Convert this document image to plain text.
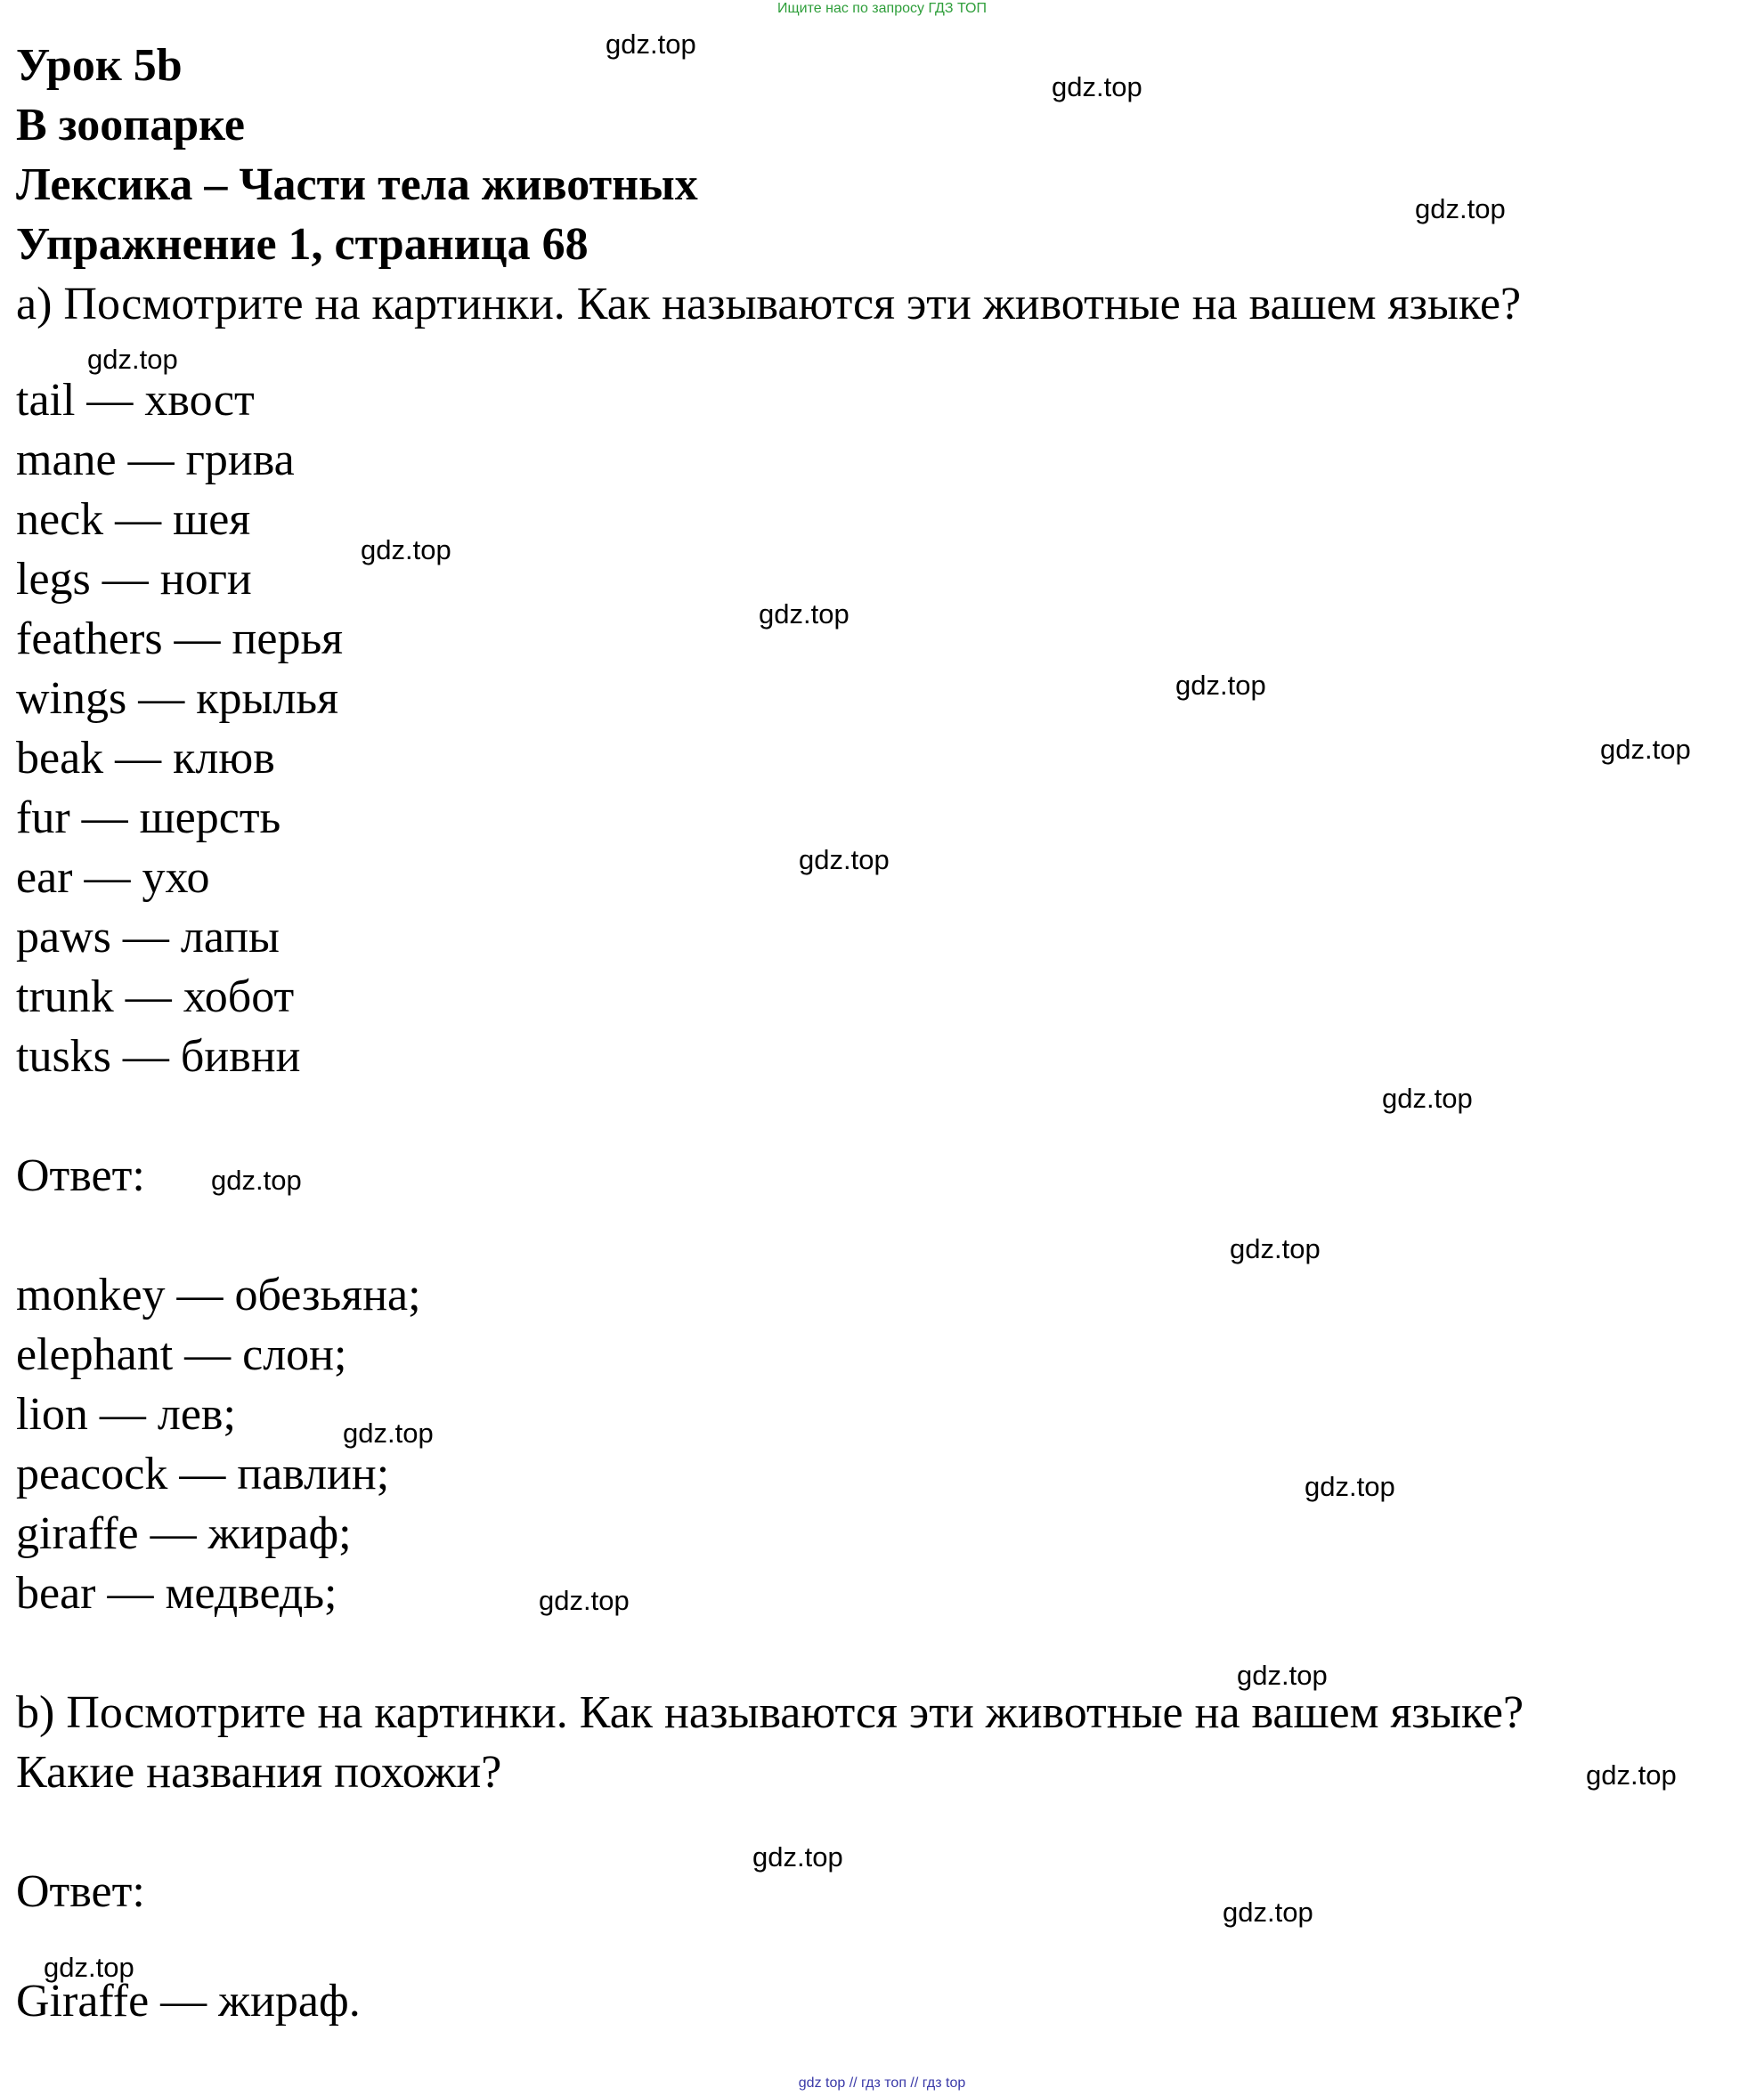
Ищите нас по запросу ГДЗ ТОП
Урок 5b
В зоопарке
Лексика – Части тела животных
Упражнение 1, страница 68
a) Посмотрите на картинки. Как называются эти животные на вашем языке?
tail — хвост
mane — грива
neck — шея
legs — ноги
feathers — перья
wings — крылья
beak — клюв
fur — шерсть
ear — ухо
paws — лапы
trunk — хобот
tusks — бивни
Ответ:
monkey — обезьяна;
elephant — слон;
lion — лев;
peacock — павлин;
giraffe — жираф;
bear — медведь;
b) Посмотрите на картинки. Как называются эти животные на вашем языке?
Какие названия похожи?
Ответ:
Giraffe — жираф.
gdz.top
gdz.top
gdz.top
gdz.top
gdz.top
gdz.top
gdz.top
gdz.top
gdz.top
gdz.top
gdz.top
gdz.top
gdz.top
gdz.top
gdz.top
gdz.top
gdz.top
gdz.top
gdz.top
gdz.top
gdz top // гдз топ // гдз top
